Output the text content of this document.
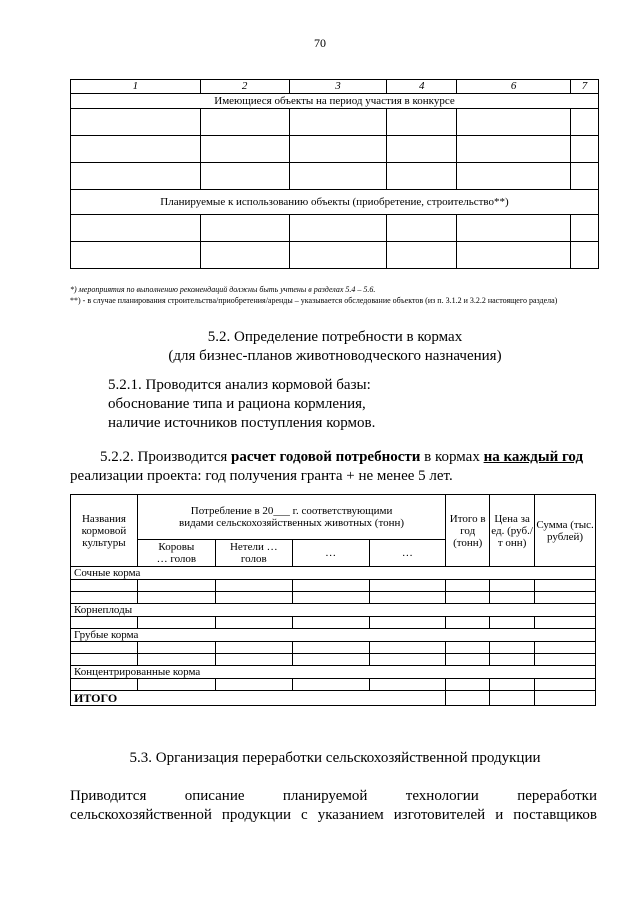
70
1	2	3	4	6	7
Имеющиеся объекты на период участия в конкурсе					

Планируемые к использованию объекты (приобретение, строительство**)					

*) мероприятия по выполнению рекомендаций должны быть учтены в разделах 5.4 – 5.6.
**) - в случае планирования строительства/приобретения/аренды – указывается обследование объектов (из п. 3.1.2 и 3.2.2 настоящего раздела)
5.2. Определение потребности в кормах
(для бизнес-планов животноводческого назначения)
5.2.1. Проводится анализ кормовой базы:
обоснование типа и рациона кормления,
наличие источников поступления кормов.
5.2.2. Производится расчет годовой потребности в кормах на каждый год
реализации проекта: год получения гранта + не менее 5 лет.
Названия кормовой культуры	Потребление в 20___ г. соответствующими видами сельскохозяйственных животных (тонн)				Итого в год (тонн)	Цена за ед. (руб./т онн)	Сумма (тыс. рублей)
	Коровы … голов	Нетели … голов	…	…			
Сочные корма							

Корнеплоды							

Грубые корма							

Концентрированные корма							

ИТОГО							
5.3. Организация переработки сельскохозяйственной продукции
Приводится описание планируемой технологии переработки
сельскохозяйственной продукции с указанием изготовителей и поставщиков
